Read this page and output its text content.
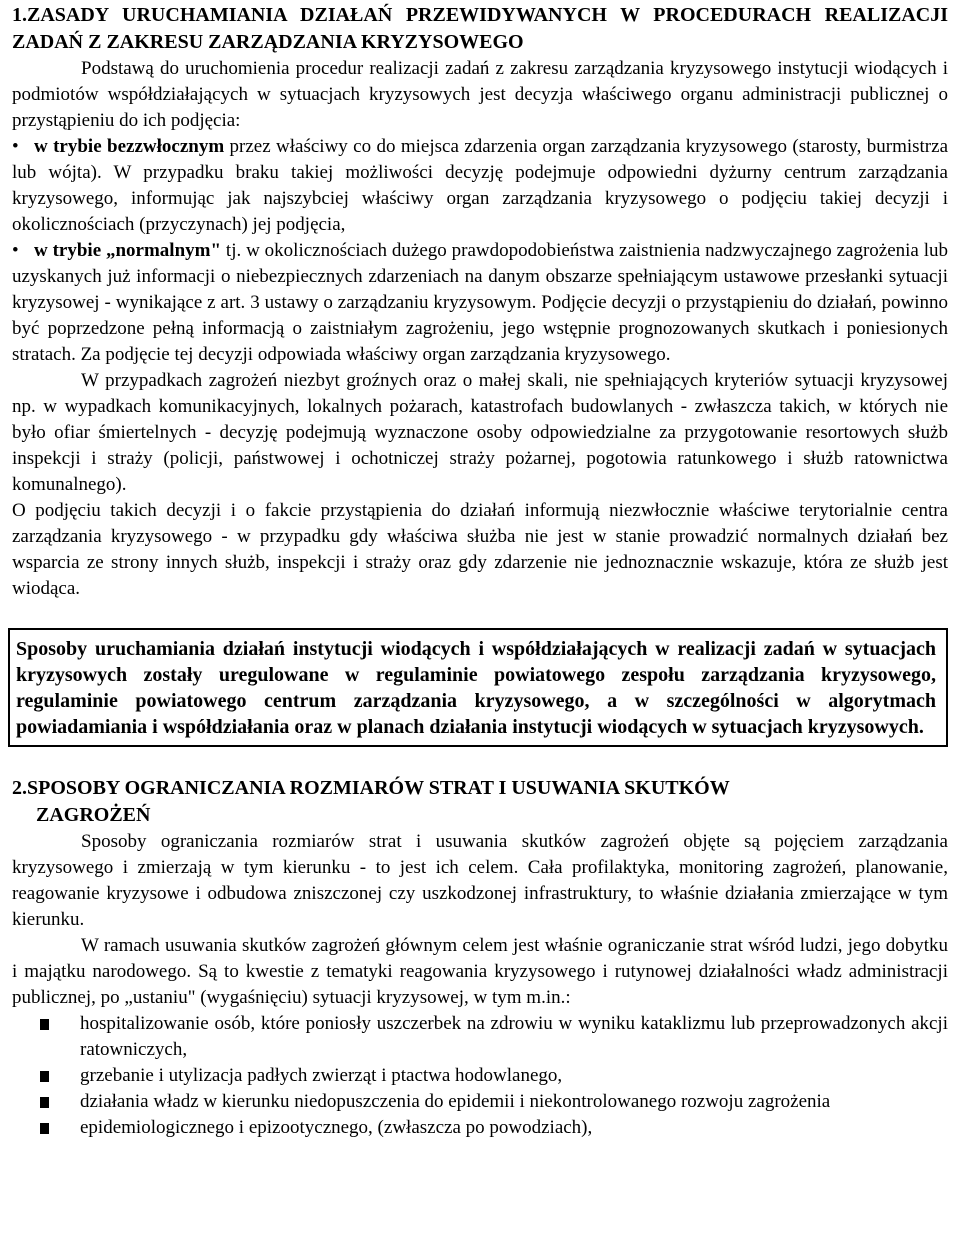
1.ZASADY URUCHAMIANIA DZIAŁAŃ PRZEWIDYWANYCH W PROCEDURACH REALIZACJI ZADAŃ Z ZAKRESU ZARZĄDZANIA KRYZYSOWEGO

Podstawą do uruchomienia procedur realizacji zadań z zakresu zarządzania kryzysowego instytucji wiodących i podmiotów współdziałających w sytuacjach kryzysowych jest decyzja właściwego organu administracji publicznej o przystąpieniu do ich podjęcia:

• w trybie bezzwłocznym przez właściwy co do miejsca zdarzenia organ zarządzania kryzysowego (starosty, burmistrza lub wójta). W przypadku braku takiej możliwości decyzję podejmuje odpowiedni dyżurny centrum zarządzania kryzysowego, informując jak najszybciej właściwy organ zarządzania kryzysowego o podjęciu takiej decyzji i okolicznościach (przyczynach) jej podjęcia,

• w trybie „normalnym" tj. w okolicznościach dużego prawdopodobieństwa zaistnienia nadzwyczajnego zagrożenia lub uzyskanych już informacji o niebezpiecznych zdarzeniach na danym obszarze spełniającym ustawowe przesłanki sytuacji kryzysowej - wynikające z art. 3 ustawy o zarządzaniu kryzysowym. Podjęcie decyzji o przystąpieniu do działań, powinno być poprzedzone pełną informacją o zaistniałym zagrożeniu, jego wstępnie prognozowanych skutkach i poniesionych stratach. Za podjęcie tej decyzji odpowiada właściwy organ zarządzania kryzysowego.

W przypadkach zagrożeń niezbyt groźnych oraz o małej skali, nie spełniających kryteriów sytuacji kryzysowej np. w wypadkach komunikacyjnych, lokalnych pożarach, katastrofach budowlanych - zwłaszcza takich, w których nie było ofiar śmiertelnych - decyzję podejmują wyznaczone osoby odpowiedzialne za przygotowanie resortowych służb inspekcji i straży (policji, państwowej i ochotniczej straży pożarnej, pogotowia ratunkowego i służb ratownictwa komunalnego).

O podjęciu takich decyzji i o fakcie przystąpienia do działań informują niezwłocznie właściwe terytorialnie centra zarządzania kryzysowego - w przypadku gdy właściwa służba nie jest w stanie prowadzić normalnych działań bez wsparcia ze strony innych służb, inspekcji i straży oraz gdy zdarzenie nie jednoznacznie wskazuje, która ze służb jest wiodąca.

Sposoby uruchamiania działań instytucji wiodących i współdziałających w realizacji zadań w sytuacjach kryzysowych zostały uregulowane w regulaminie powiatowego zespołu zarządzania kryzysowego, regulaminie powiatowego centrum zarządzania kryzysowego, a w szczególności w algorytmach powiadamiania i współdziałania oraz w planach działania instytucji wiodących w sytuacjach kryzysowych.
2.SPOSOBY OGRANICZANIA ROZMIARÓW STRAT I USUWANIA SKUTKÓW
ZAGROŻEŃ

Sposoby ograniczania rozmiarów strat i usuwania skutków zagrożeń objęte są pojęciem zarządzania kryzysowego i zmierzają w tym kierunku - to jest ich celem. Cała profilaktyka, monitoring zagrożeń, planowanie, reagowanie kryzysowe i odbudowa zniszczonej czy uszkodzonej infrastruktury, to właśnie działania zmierzające w tym kierunku.

W ramach usuwania skutków zagrożeń głównym celem jest właśnie ograniczanie strat wśród ludzi, jego dobytku i majątku narodowego. Są to kwestie z tematyki reagowania kryzysowego i rutynowej działalności władz administracji publicznej, po „ustaniu" (wygaśnięciu) sytuacji kryzysowej, w tym m.in.:

hospitalizowanie osób, które poniosły uszczerbek na zdrowiu w wyniku kataklizmu lub przeprowadzonych akcji ratowniczych,
grzebanie i utylizacja padłych zwierząt i ptactwa hodowlanego,
działania władz w kierunku niedopuszczenia do epidemii i niekontrolowanego rozwoju zagrożenia
epidemiologicznego i epizootycznego, (zwłaszcza po powodziach),
